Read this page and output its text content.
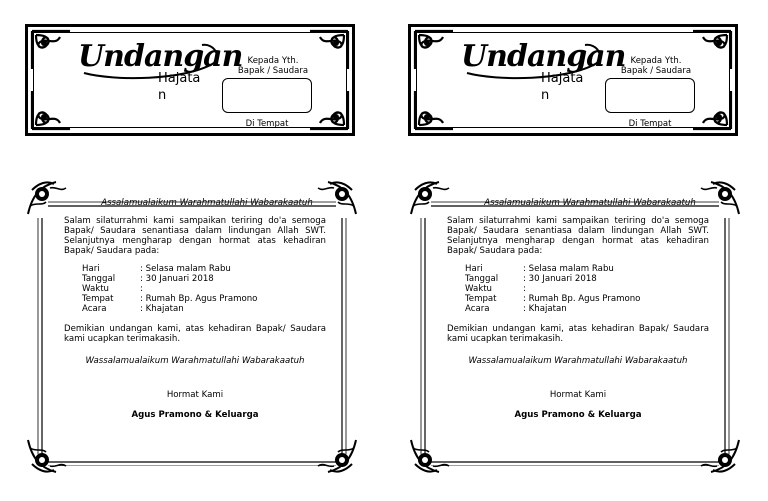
Undangan
Hajatan
Kepada Yth.
Bapak / Saudara
Di Tempat
Undangan
Hajatan
Kepada Yth.
Bapak / Saudara
Di Tempat
Assalamualaikum Warahmatullahi Wabarakaatuh

Salam silaturrahmi kami sampaikan teriring do'a semoga Bapak/ Saudara senantiasa dalam lindungan Allah SWT. Selanjutnya mengharap dengan hormat atas kehadiran Bapak/ Saudara pada:

Hari	: Selasa malam Rabu
Tanggal	: 30 Januari 2018
Waktu	:
Tempat	: Rumah Bp. Agus Pramono
Acara	: Khajatan

Demikian undangan kami, atas kehadiran Bapak/ Saudara kami ucapkan terimakasih.

Wassalamualaikum Warahmatullahi Wabarakaatuh
Hormat Kami
Agus Pramono & Keluarga
Assalamualaikum Warahmatullahi Wabarakaatuh

Salam silaturrahmi kami sampaikan teriring do'a semoga Bapak/ Saudara senantiasa dalam lindungan Allah SWT. Selanjutnya mengharap dengan hormat atas kehadiran Bapak/ Saudara pada:

Hari	: Selasa malam Rabu
Tanggal	: 30 Januari 2018
Waktu	:
Tempat	: Rumah Bp. Agus Pramono
Acara	: Khajatan

Demikian undangan kami, atas kehadiran Bapak/ Saudara kami ucapkan terimakasih.

Wassalamualaikum Warahmatullahi Wabarakaatuh
Hormat Kami
Agus Pramono & Keluarga
